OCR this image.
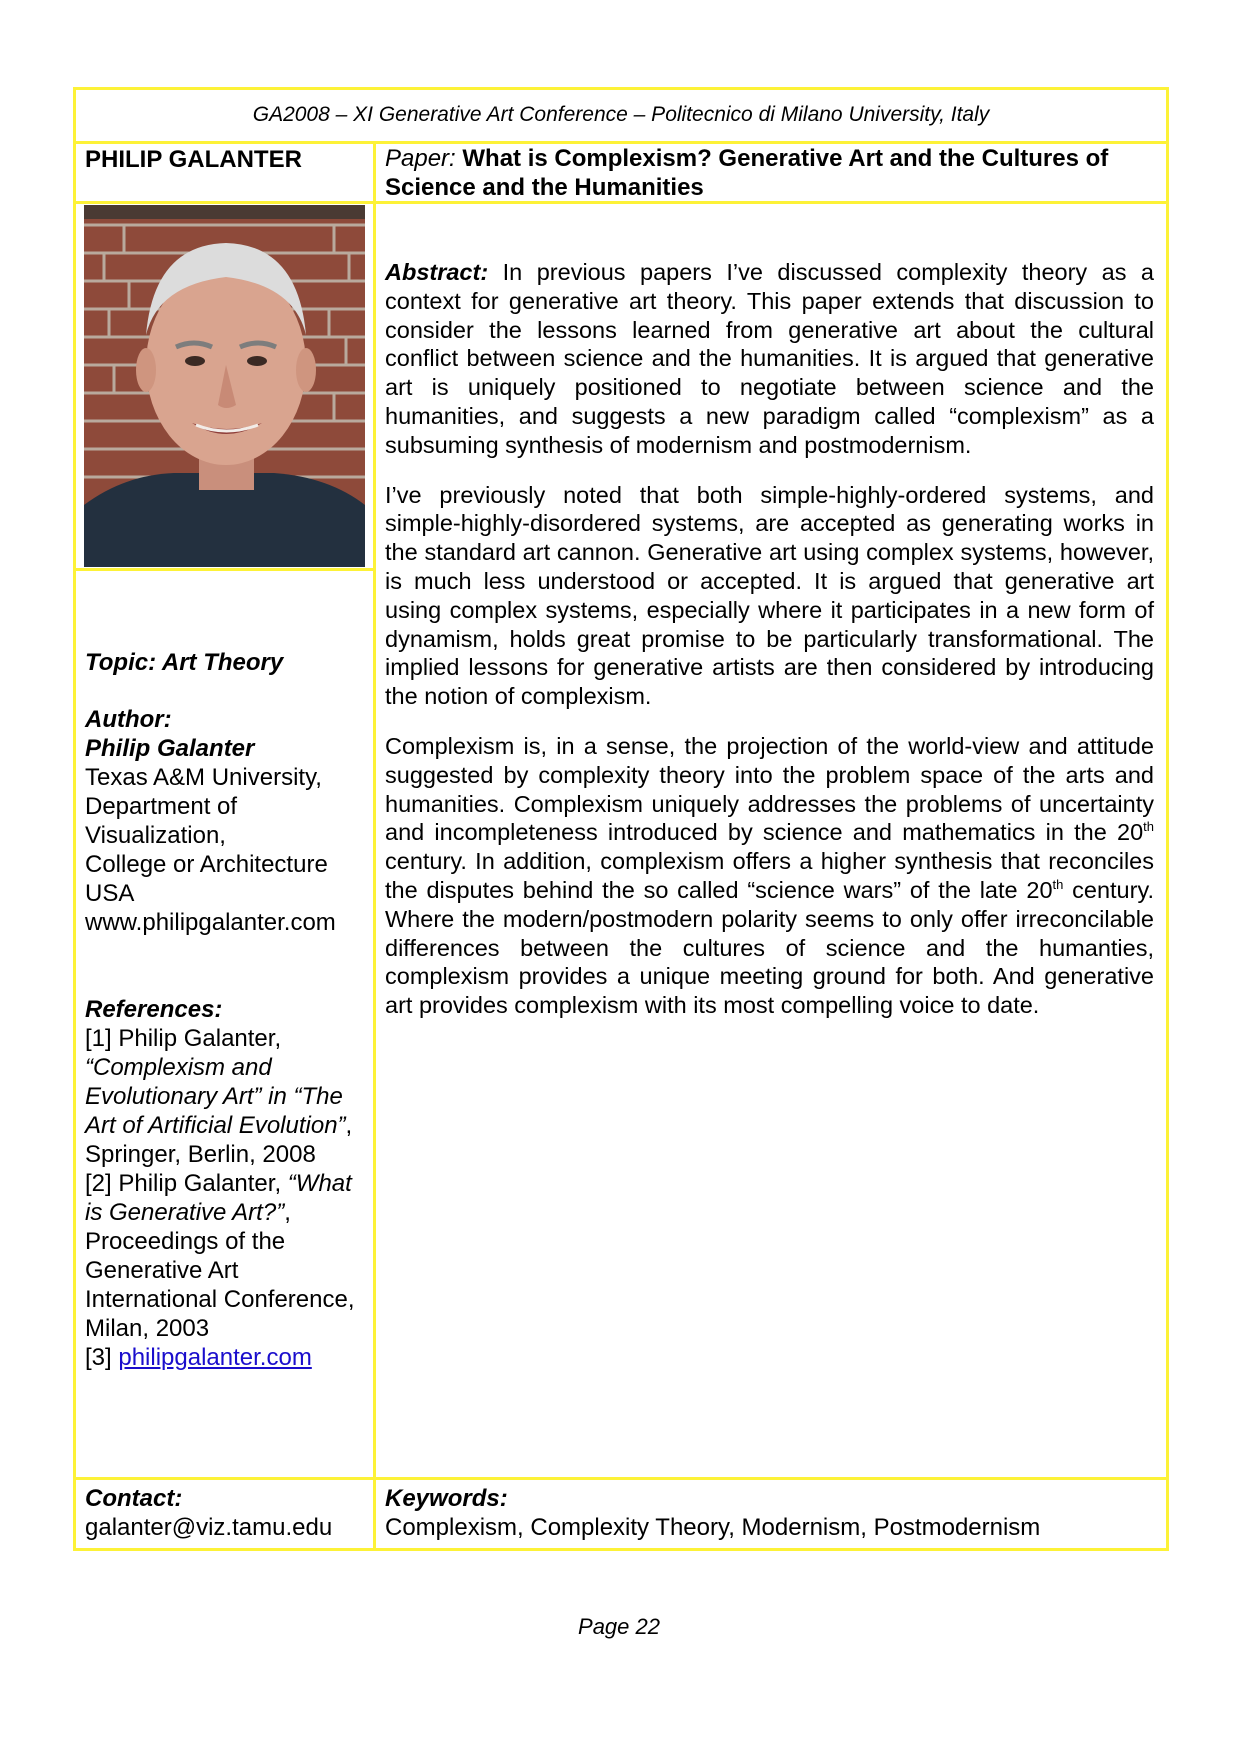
GA2008 – XI Generative Art Conference – Politecnico di Milano University, Italy
PHILIP GALANTER	Paper: What is Complexism? Generative Art and the Cultures of Science and the Humanities
Topic: Art Theory
Author:
Philip Galanter
Texas A&M University,
Department of
Visualization,
College or Architecture
USA
www.philipgalanter.com
References:
[1] Philip Galanter, “Complexism and Evolutionary Art” in “The Art of Artificial Evolution”, Springer, Berlin, 2008
[2] Philip Galanter, “What is Generative Art?”, Proceedings of the Generative Art International Conference, Milan, 2003
[3] philipgalanter.com

Abstract: In previous papers I’ve discussed complexity theory as a context for generative art theory. This paper extends that discussion to consider the lessons learned from generative art about the cultural conflict between science and the humanities. It is argued that generative art is uniquely positioned to negotiate between science and the humanities, and suggests a new paradigm called “complexism” as a subsuming synthesis of modernism and postmodernism.

I’ve previously noted that both simple-highly-ordered systems, and simple-highly-disordered systems, are accepted as generating works in the standard art cannon. Generative art using complex systems, however, is much less understood or accepted. It is argued that generative art using complex systems, especially where it participates in a new form of dynamism, holds great promise to be particularly transformational. The implied lessons for generative artists are then considered by introducing the notion of complexism.

Complexism is, in a sense, the projection of the world-view and attitude suggested by complexity theory into the problem space of the arts and humanities. Complexism uniquely addresses the problems of uncertainty and incompleteness introduced by science and mathematics in the 20th century. In addition, complexism offers a higher synthesis that reconciles the disputes behind the so called “science wars” of the late 20th century. Where the modern/postmodern polarity seems to only offer irreconcilable differences between the cultures of science and the humanties, complexism provides a unique meeting ground for both. And generative art provides complexism with its most compelling voice to date.

Contact:
galanter@viz.tamu.edu
Keywords:
Complexism, Complexity Theory, Modernism, Postmodernism
Page 22
